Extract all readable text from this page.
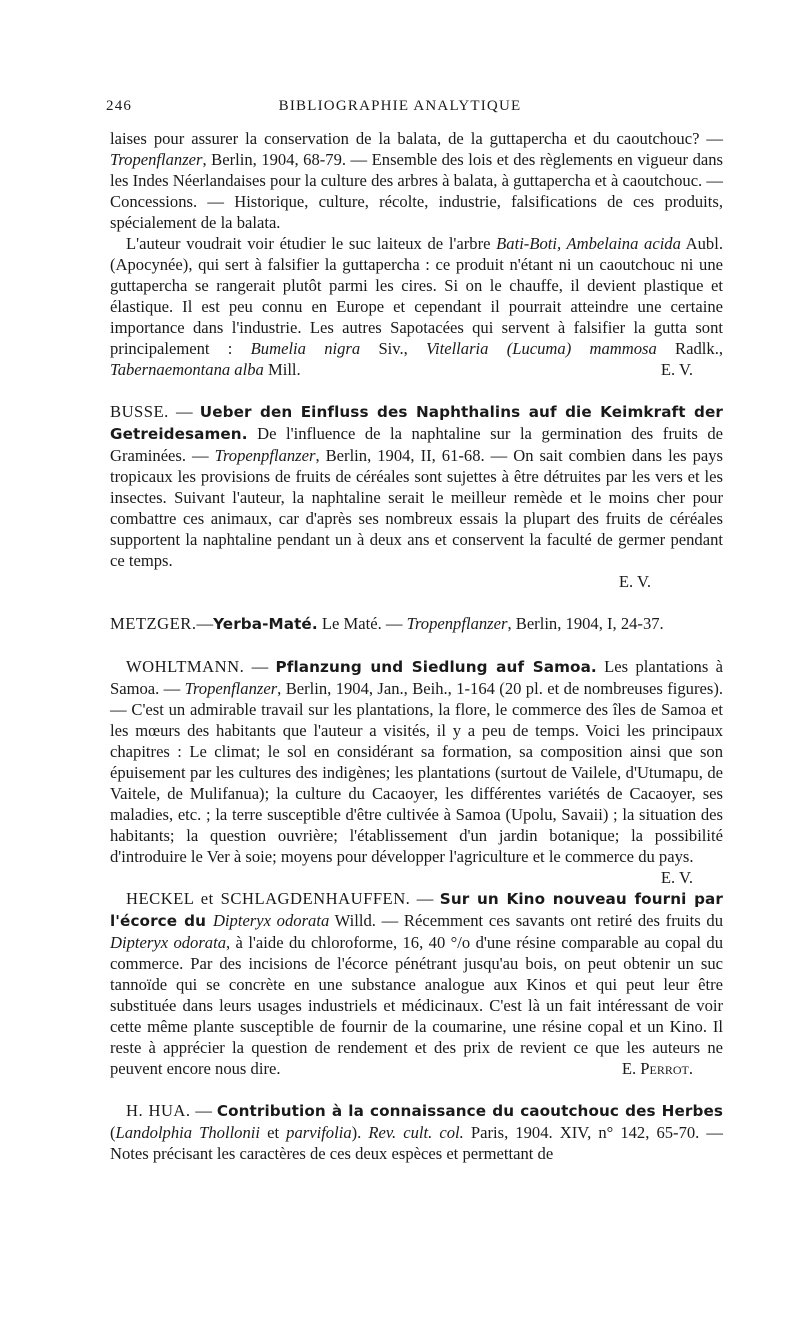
246	BIBLIOGRAPHIE ANALYTIQUE

laises pour assurer la conservation de la balata, de la guttapercha et du caoutchouc? — Tropenflanzer, Berlin, 1904, 68-79. — Ensemble des lois et des règlements en vigueur dans les Indes Néerlandaises pour la culture des arbres à balata, à guttapercha et à caoutchouc. — Concessions. — Historique, culture, récolte, industrie, falsifications de ces produits, spécialement de la balata.

L'auteur voudrait voir étudier le suc laiteux de l'arbre Bati-Boti, Ambelaina acida Aubl. (Apocynée), qui sert à falsifier la guttapercha : ce produit n'étant ni un caoutchouc ni une guttapercha se rangerait plutôt parmi les cires. Si on le chauffe, il devient plastique et élastique. Il est peu connu en Europe et cependant il pourrait atteindre une certaine importance dans l'industrie. Les autres Sapotacées qui servent à falsifier la gutta sont principalement : Bumelia nigra Siv., Vitellaria (Lucuma) mammosa Radlk., Tabernaemontana alba Mill.	E. V.

BUSSE. — Ueber den Einfluss des Naphthalins auf die Keimkraft der Getreidesamen. De l'influence de la naphtaline sur la germination des fruits de Graminées. — Tropenpflanzer, Berlin, 1904, II, 61-68. — On sait combien dans les pays tropicaux les provisions de fruits de céréales sont sujettes à être détruites par les vers et les insectes. Suivant l'auteur, la naphtaline serait le meilleur remède et le moins cher pour combattre ces animaux, car d'après ses nombreux essais la plupart des fruits de céréales supportent la naphtaline pendant un à deux ans et conservent la faculté de germer pendant ce temps.

E. V.

METZGER.—Yerba-Maté. Le Maté. — Tropenpflanzer, Berlin, 1904, I, 24-37.

WOHLTMANN. — Pflanzung und Siedlung auf Samoa. Les plantations à Samoa. — Tropenflanzer, Berlin, 1904, Jan., Beih., 1-164 (20 pl. et de nombreuses figures). — C'est un admirable travail sur les plantations, la flore, le commerce des îles de Samoa et les mœurs des habitants que l'auteur a visités, il y a peu de temps. Voici les principaux chapitres : Le climat; le sol en considérant sa formation, sa composition ainsi que son épuisement par les cultures des indigènes; les plantations (surtout de Vailele, d'Utumapu, de Vaitele, de Mulifanua); la culture du Cacaoyer, les différentes variétés de Cacaoyer, ses maladies, etc. ; la terre susceptible d'être cultivée à Samoa (Upolu, Savaii) ; la situation des habitants; la question ouvrière; l'établissement d'un jardin botanique; la possibilité d'introduire le Ver à soie; moyens pour développer l'agriculture et le commerce du pays.
E. V.

HECKEL et SCHLAGDENHAUFFEN. — Sur un Kino nouveau fourni par l'écorce du Dipteryx odorata Willd. — Récemment ces savants ont retiré des fruits du Dipteryx odorata, à l'aide du chloroforme, 16, 40 °/o d'une résine comparable au copal du commerce. Par des incisions de l'écorce pénétrant jusqu'au bois, on peut obtenir un suc tannoïde qui se concrète en une substance analogue aux Kinos et qui peut leur être substituée dans leurs usages industriels et médicinaux. C'est là un fait intéressant de voir cette même plante susceptible de fournir de la coumarine, une résine copal et un Kino. Il reste à apprécier la question de rendement et des prix de revient ce que les auteurs ne peuvent encore nous dire.	E. Perrot.

H. HUA. — Contribution à la connaissance du caoutchouc des Herbes (Landolphia Thollonii et parvifolia). Rev. cult. col. Paris, 1904. XIV, n° 142, 65-70. — Notes précisant les caractères de ces deux espèces et permettant de
